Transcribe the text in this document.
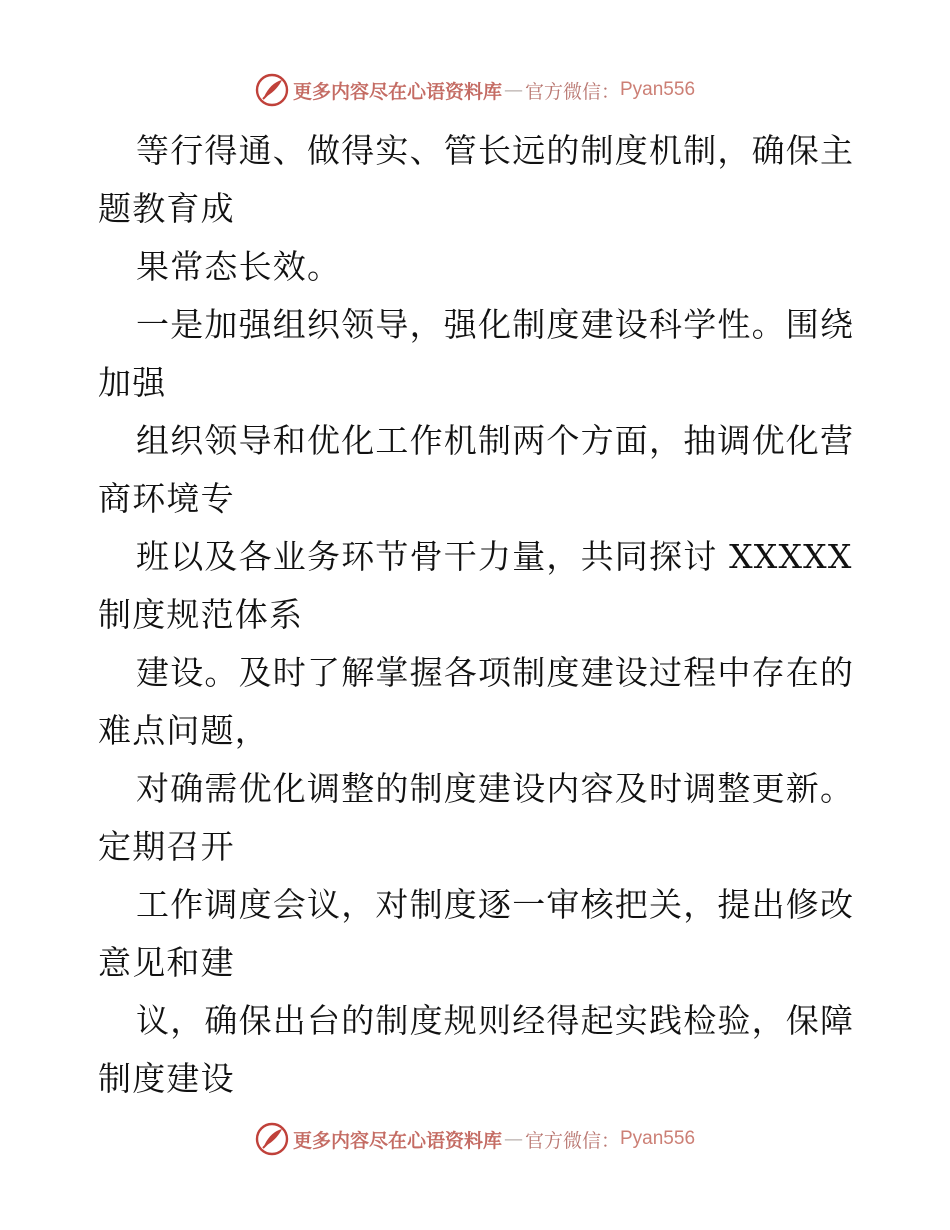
更多内容尽在心语资料库 — 官方微信： Pyan556
等行得通、做得实、管长远的制度机制，确保主
题教育成
果常态长效。
一是加强组织领导，强化制度建设科学性。围绕
加强
组织领导和优化工作机制两个方面，抽调优化营
商环境专
班以及各业务环节骨干力量，共同探讨 XXXXX
制度规范体系
建设。及时了解掌握各项制度建设过程中存在的
难点问题，
对确需优化调整的制度建设内容及时调整更新。
定期召开
工作调度会议，对制度逐一审核把关，提出修改
意见和建
议，确保出台的制度规则经得起实践检验，保障
制度建设
更多内容尽在心语资料库 — 官方微信： Pyan556
